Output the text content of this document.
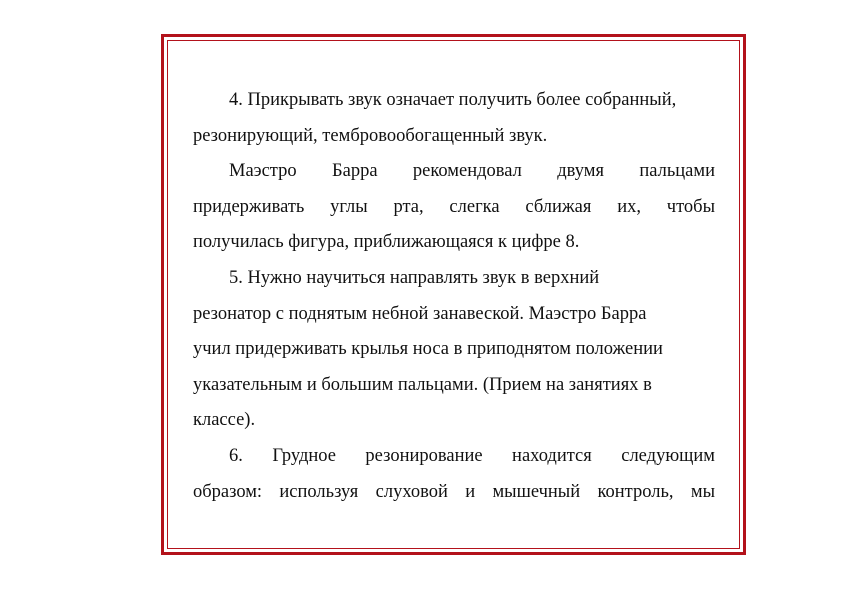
4. Прикрывать звук означает получить более собранный,
резонирующий, тембровообогащенный звук.
Маэстро Барра рекомендовал двумя пальцами
придерживать углы рта, слегка сближая их, чтобы
получилась фигура, приближающаяся к цифре 8.
5. Нужно научиться направлять звук в верхний
резонатор с поднятым небной занавеской. Маэстро Барра
учил придерживать крылья носа в приподнятом положении
указательным и большим пальцами. (Прием на занятиях в
классе).
6. Грудное резонирование находится следующим
образом: используя слуховой и мышечный контроль, мы
